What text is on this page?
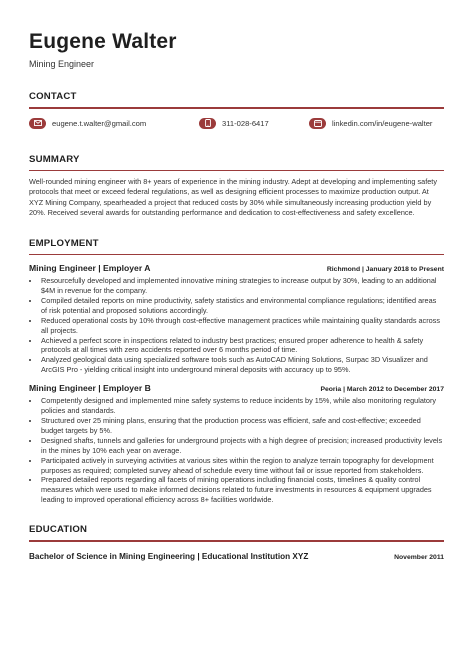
Eugene Walter
Mining Engineer
CONTACT
eugene.t.walter@gmail.com	311-028-6417	linkedin.com/in/eugene-walter
SUMMARY
Well-rounded mining engineer with 8+ years of experience in the mining industry. Adept at developing and implementing safety protocols that meet or exceed federal regulations, as well as designing efficient processes to maximize production output. At XYZ Mining Company, spearheaded a project that reduced costs by 30% while simultaneously increasing production yield by 20%. Received several awards for outstanding performance and dedication to cost-effectiveness and safety excellence.
EMPLOYMENT
Mining Engineer | Employer A	Richmond | January 2018 to Present
• Resourcefully developed and implemented innovative mining strategies to increase output by 30%, leading to an additional $4M in revenue for the company.
• Compiled detailed reports on mine productivity, safety statistics and environmental compliance regulations; identified areas of risk potential and proposed solutions accordingly.
• Reduced operational costs by 10% through cost-effective management practices while maintaining quality standards across all projects.
• Achieved a perfect score in inspections related to industry best practices; ensured proper adherence to health & safety protocols at all times with zero accidents reported over 6 months period of time.
• Analyzed geological data using specialized software tools such as AutoCAD Mining Solutions, Surpac 3D Visualizer and ArcGIS Pro - yielding critical insight into underground mineral deposits with accuracy up to 95%.
Mining Engineer | Employer B	Peoria | March 2012 to December 2017
• Competently designed and implemented mine safety systems to reduce incidents by 15%, while also monitoring regulatory policies and standards.
• Structured over 25 mining plans, ensuring that the production process was efficient, safe and cost-effective; exceeded budget targets by 5%.
• Designed shafts, tunnels and galleries for underground projects with a high degree of precision; increased productivity levels in the mines by 10% each year on average.
• Participated actively in surveying activities at various sites within the region to analyze terrain topography for development purposes as required; completed survey ahead of schedule every time without fail or issue reported from stakeholders.
• Prepared detailed reports regarding all facets of mining operations including financial costs, timelines & quality control measures which were used to make informed decisions related to future investments in resources & equipment upgrades leading to improved operational efficiency across 8+ facilities worldwide.
EDUCATION
Bachelor of Science in Mining Engineering | Educational Institution XYZ	November 2011
